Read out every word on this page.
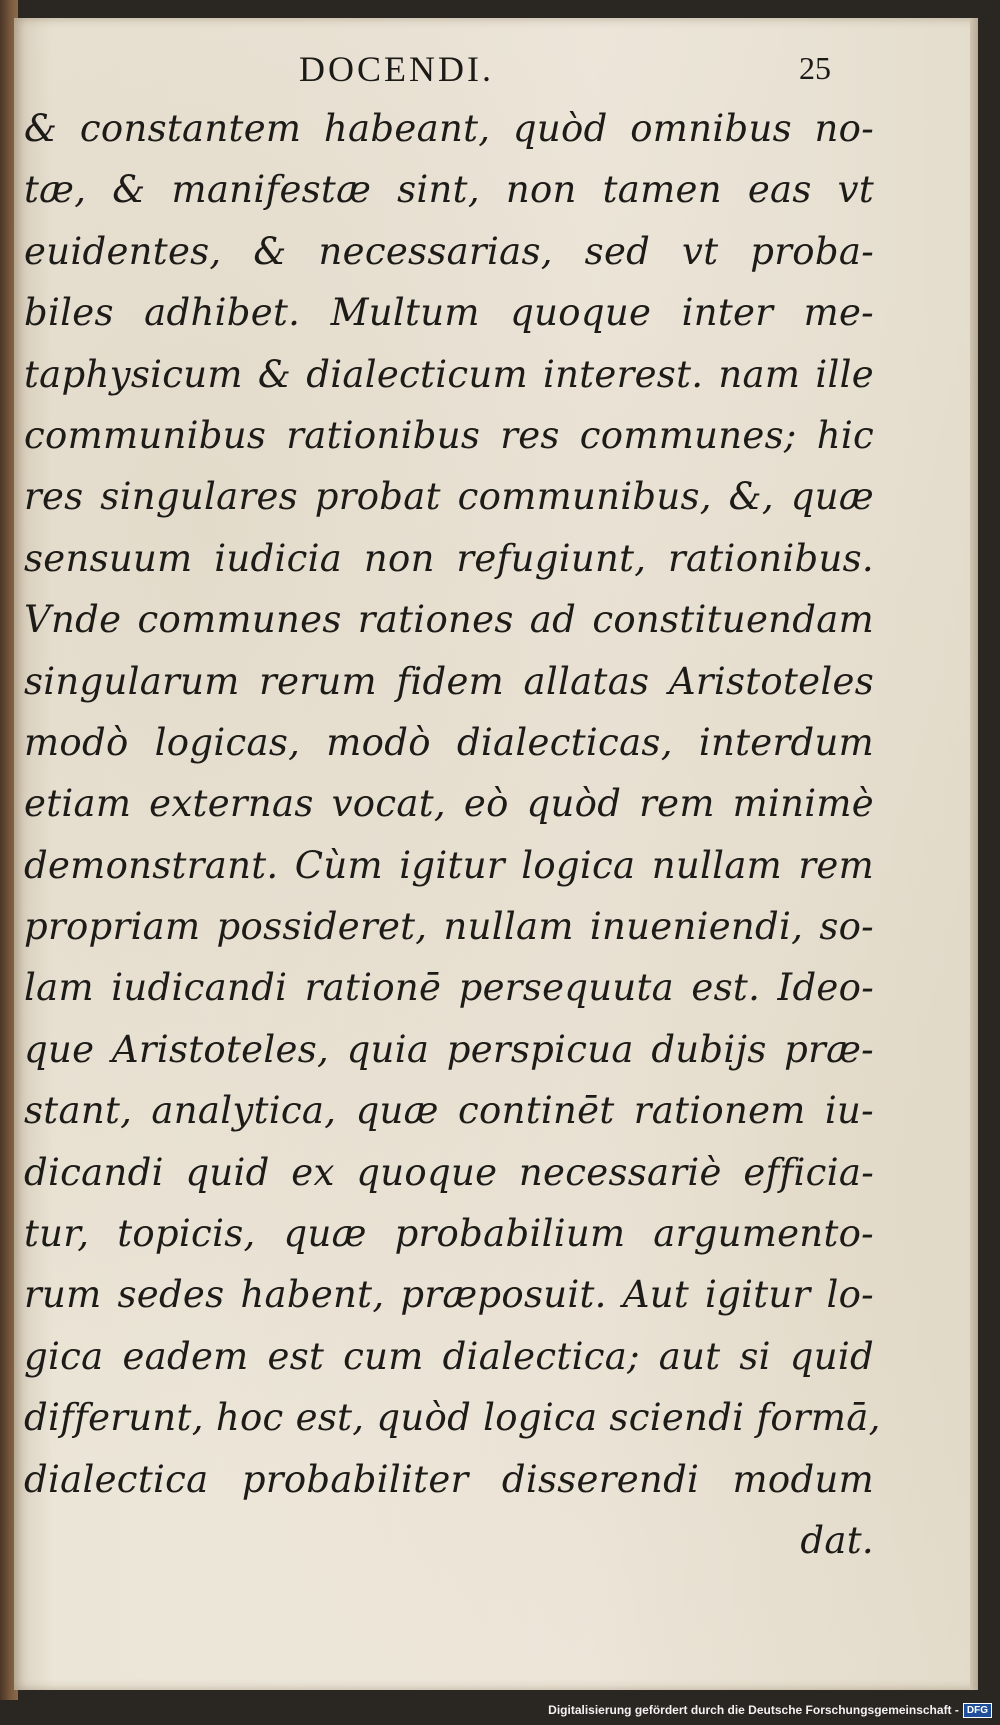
DOCENDI.	25
& constantem habeant, quòd omnibus no-
tæ, & manifestæ sint, non tamen eas vt
euidentes, & necessarias, sed vt proba-
biles adhibet. Multum quoque inter me-
taphysicum & dialecticum interest. nam ille
communibus rationibus res communes; hic
res singulares probat communibus, &, quæ
sensuum iudicia non refugiunt, rationibus.
Vnde communes rationes ad constituendam
singularum rerum fidem allatas Aristoteles
modò logicas, modò dialecticas, interdum
etiam externas vocat, eò quòd rem minimè
demonstrant. Cùm igitur logica nullam rem
propriam possideret, nullam inueniendi, so-
lam iudicandi rationē persequuta est. Ideo-
que Aristoteles, quia perspicua dubijs præ-
stant, analytica, quæ continēt rationem iu-
dicandi quid ex quoque necessariè efficia-
tur, topicis, quæ probabilium argumento-
rum sedes habent, præposuit. Aut igitur lo-
gica eadem est cum dialectica; aut si quid
differunt, hoc est, quòd logica sciendi formā,
dialectica probabiliter disserendi modum
dat.
Digitalisierung gefördert durch die Deutsche Forschungsgemeinschaft - DFG
